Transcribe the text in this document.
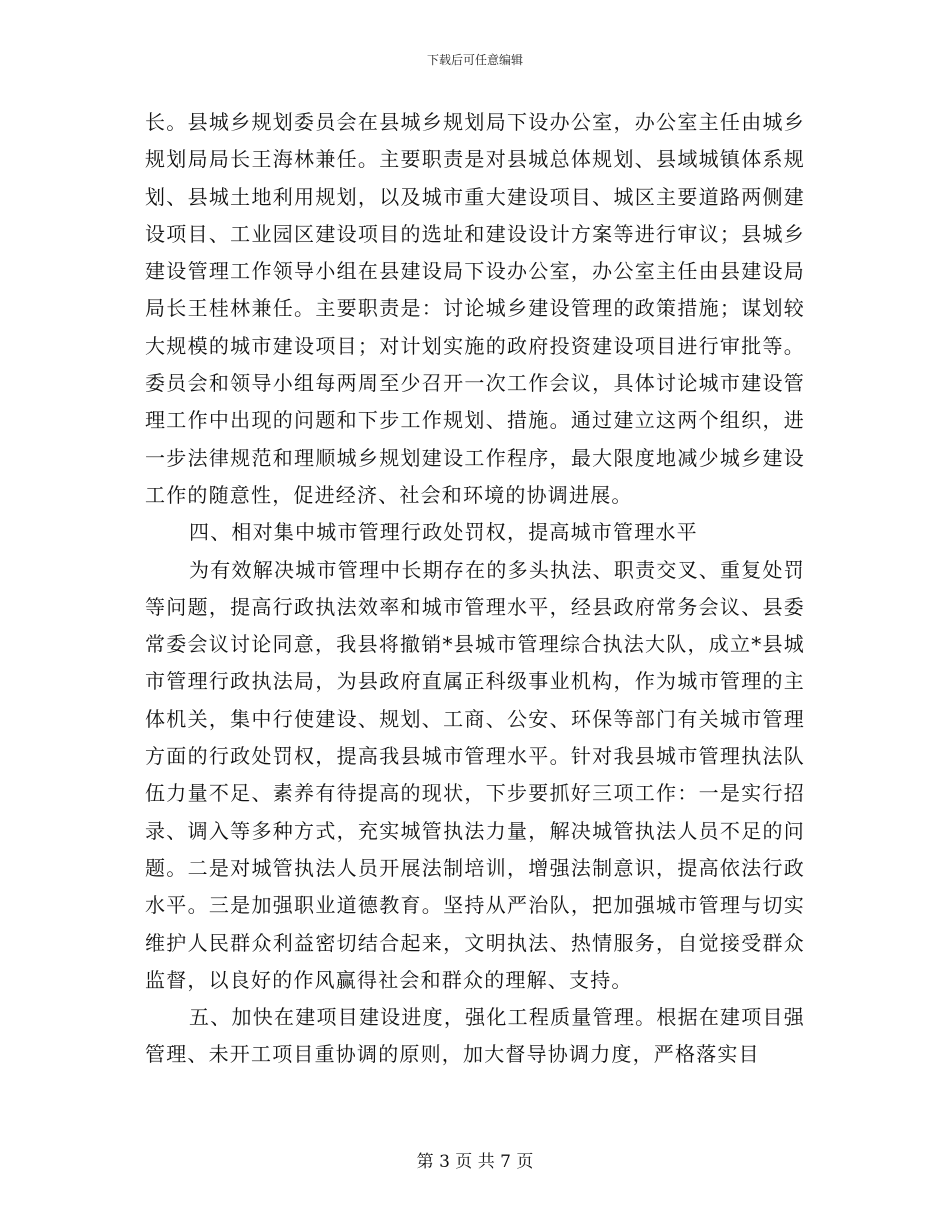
下载后可任意编辑

长。县城乡规划委员会在县城乡规划局下设办公室，办公室主任由城乡规划局局长王海林兼任。主要职责是对县城总体规划、县域城镇体系规划、县城土地利用规划，以及城市重大建设项目、城区主要道路两侧建设项目、工业园区建设项目的选址和建设设计方案等进行审议；县城乡建设管理工作领导小组在县建设局下设办公室，办公室主任由县建设局局长王桂林兼任。主要职责是：讨论城乡建设管理的政策措施；谋划较大规模的城市建设项目；对计划实施的政府投资建设项目进行审批等。委员会和领导小组每两周至少召开一次工作会议，具体讨论城市建设管理工作中出现的问题和下步工作规划、措施。通过建立这两个组织，进一步法律规范和理顺城乡规划建设工作程序，最大限度地减少城乡建设工作的随意性，促进经济、社会和环境的协调进展。

四、相对集中城市管理行政处罚权，提高城市管理水平

为有效解决城市管理中长期存在的多头执法、职责交叉、重复处罚等问题，提高行政执法效率和城市管理水平，经县政府常务会议、县委常委会议讨论同意，我县将撤销*县城市管理综合执法大队，成立*县城市管理行政执法局，为县政府直属正科级事业机构，作为城市管理的主体机关，集中行使建设、规划、工商、公安、环保等部门有关城市管理方面的行政处罚权，提高我县城市管理水平。针对我县城市管理执法队伍力量不足、素养有待提高的现状，下步要抓好三项工作：一是实行招录、调入等多种方式，充实城管执法力量，解决城管执法人员不足的问题。二是对城管执法人员开展法制培训，增强法制意识，提高依法行政水平。三是加强职业道德教育。坚持从严治队，把加强城市管理与切实维护人民群众利益密切结合起来，文明执法、热情服务，自觉接受群众监督，以良好的作风赢得社会和群众的理解、支持。

五、加快在建项目建设进度，强化工程质量管理。根据在建项目强管理、未开工项目重协调的原则，加大督导协调力度，严格落实目

第 3 页 共 7 页
